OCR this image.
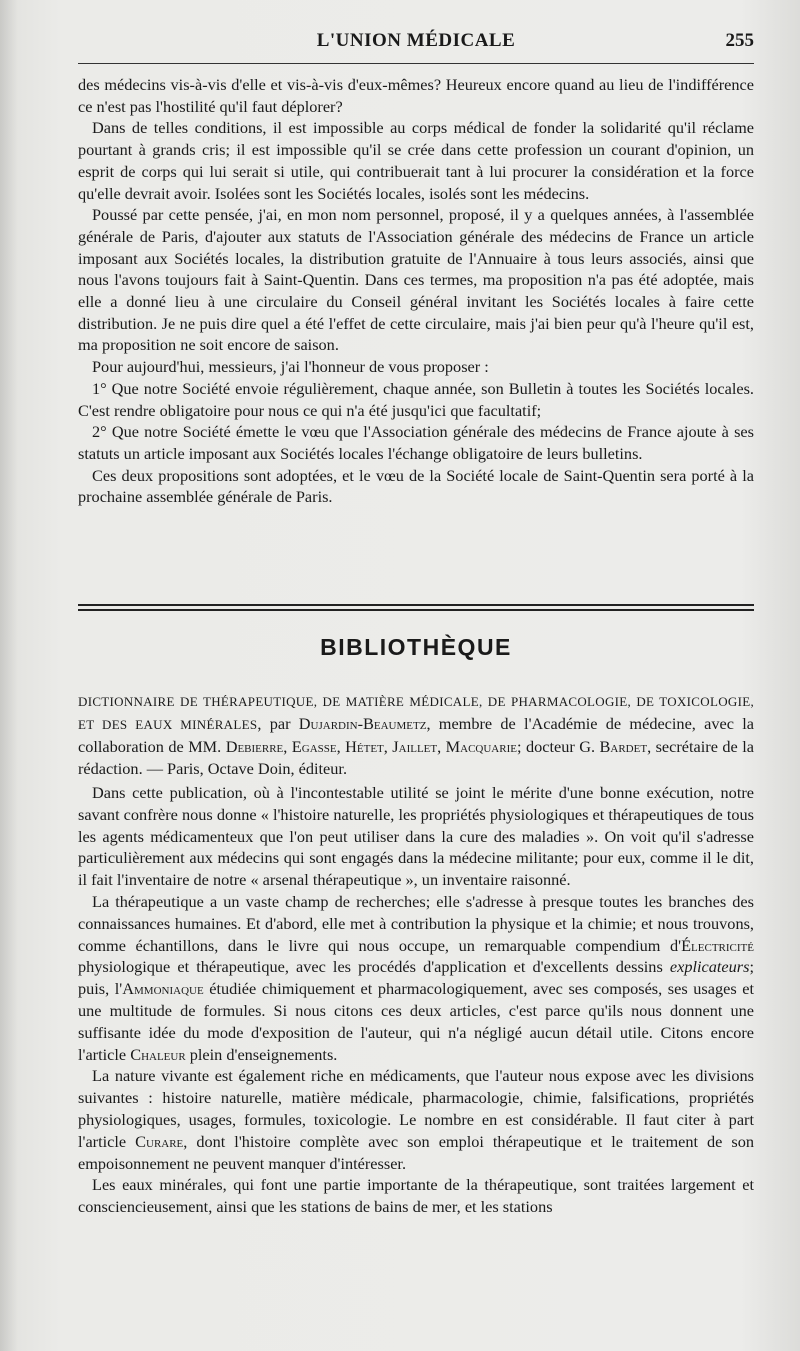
L'UNION MÉDICALE	255

des médecins vis-à-vis d'elle et vis-à-vis d'eux-mêmes? Heureux encore quand au lieu de l'indifférence ce n'est pas l'hostilité qu'il faut déplorer?

Dans de telles conditions, il est impossible au corps médical de fonder la solidarité qu'il réclame pourtant à grands cris; il est impossible qu'il se crée dans cette profession un courant d'opinion, un esprit de corps qui lui serait si utile, qui contribuerait tant à lui procurer la considération et la force qu'elle devrait avoir. Isolées sont les Sociétés locales, isolés sont les médecins.

Poussé par cette pensée, j'ai, en mon nom personnel, proposé, il y a quelques années, à l'assemblée générale de Paris, d'ajouter aux statuts de l'Association générale des médecins de France un article imposant aux Sociétés locales, la distribution gratuite de l'Annuaire à tous leurs associés, ainsi que nous l'avons toujours fait à Saint-Quentin. Dans ces termes, ma proposition n'a pas été adoptée, mais elle a donné lieu à une circulaire du Conseil général invitant les Sociétés locales à faire cette distribution. Je ne puis dire quel a été l'effet de cette circulaire, mais j'ai bien peur qu'à l'heure qu'il est, ma proposition ne soit encore de saison.

Pour aujourd'hui, messieurs, j'ai l'honneur de vous proposer :

1° Que notre Société envoie régulièrement, chaque année, son Bulletin à toutes les Sociétés locales. C'est rendre obligatoire pour nous ce qui n'a été jusqu'ici que facultatif;

2° Que notre Société émette le vœu que l'Association générale des médecins de France ajoute à ses statuts un article imposant aux Sociétés locales l'échange obligatoire de leurs bulletins.

Ces deux propositions sont adoptées, et le vœu de la Société locale de Saint-Quentin sera porté à la prochaine assemblée générale de Paris.

BIBLIOTHÈQUE
DICTIONNAIRE DE THÉRAPEUTIQUE, DE MATIÈRE MÉDICALE, DE PHARMACOLOGIE, DE TOXICOLOGIE, ET DES EAUX MINÉRALES, par Dujardin-Beaumetz, membre de l'Académie de médecine, avec la collaboration de MM. Debierre, Egasse, Hétet, Jaillet, Macquarie; docteur G. Bardet, secrétaire de la rédaction. — Paris, Octave Doin, éditeur.

Dans cette publication, où à l'incontestable utilité se joint le mérite d'une bonne exécution, notre savant confrère nous donne « l'histoire naturelle, les propriétés physiologiques et thérapeutiques de tous les agents médicamenteux que l'on peut utiliser dans la cure des maladies ». On voit qu'il s'adresse particulièrement aux médecins qui sont engagés dans la médecine militante; pour eux, comme il le dit, il fait l'inventaire de notre « arsenal thérapeutique », un inventaire raisonné.

La thérapeutique a un vaste champ de recherches; elle s'adresse à presque toutes les branches des connaissances humaines. Et d'abord, elle met à contribution la physique et la chimie; et nous trouvons, comme échantillons, dans le livre qui nous occupe, un remarquable compendium d'Électricité physiologique et thérapeutique, avec les procédés d'application et d'excellents dessins explicateurs; puis, l'Ammoniaque étudiée chimiquement et pharmacologiquement, avec ses composés, ses usages et une multitude de formules. Si nous citons ces deux articles, c'est parce qu'ils nous donnent une suffisante idée du mode d'exposition de l'auteur, qui n'a négligé aucun détail utile. Citons encore l'article Chaleur plein d'enseignements.

La nature vivante est également riche en médicaments, que l'auteur nous expose avec les divisions suivantes : histoire naturelle, matière médicale, pharmacologie, chimie, falsifications, propriétés physiologiques, usages, formules, toxicologie. Le nombre en est considérable. Il faut citer à part l'article Curare, dont l'histoire complète avec son emploi thérapeutique et le traitement de son empoisonnement ne peuvent manquer d'intéresser.

Les eaux minérales, qui font une partie importante de la thérapeutique, sont traitées largement et consciencieusement, ainsi que les stations de bains de mer, et les stations
